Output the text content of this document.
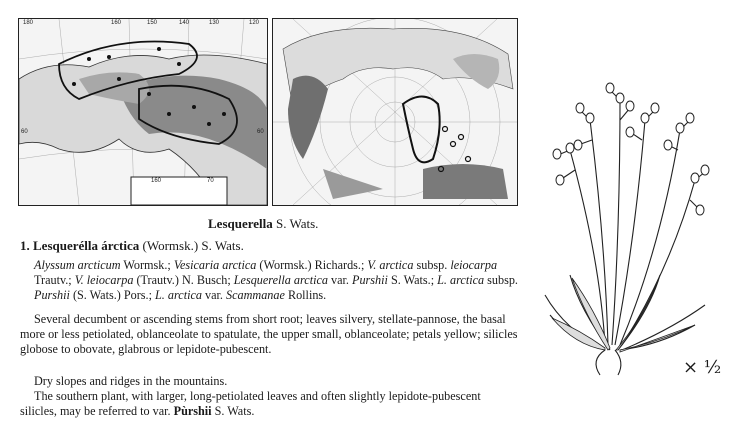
180	160	150	140	130	120
60	60
160	70
Lesquerella S. Wats.
1. Lesquerélla árctica (Wormsk.) S. Wats.
Alyssum arcticum Wormsk.; Vesicaria arctica (Wormsk.) Richards.; V. arctica subsp. leiocarpa Trautv.; V. leiocarpa (Trautv.) N. Busch; Lesquerella arctica var. Purshii S. Wats.; L. arctica subsp. Purshii (S. Wats.) Pors.; L. arctica var. Scammanae Rollins.
Several decumbent or ascending stems from short root; leaves silvery, stellate-pannose, the basal more or less petiolated, oblanceolate to spatulate, the upper small, oblanceolate; petals yellow; silicles globose to obovate, glabrous or lepidote-pubescent.
Dry slopes and ridges in the mountains.
The southern plant, with larger, long-petiolated leaves and often slightly lepidote-pubescent silicles, may be referred to var. Pùrshii S. Wats.
× ½
